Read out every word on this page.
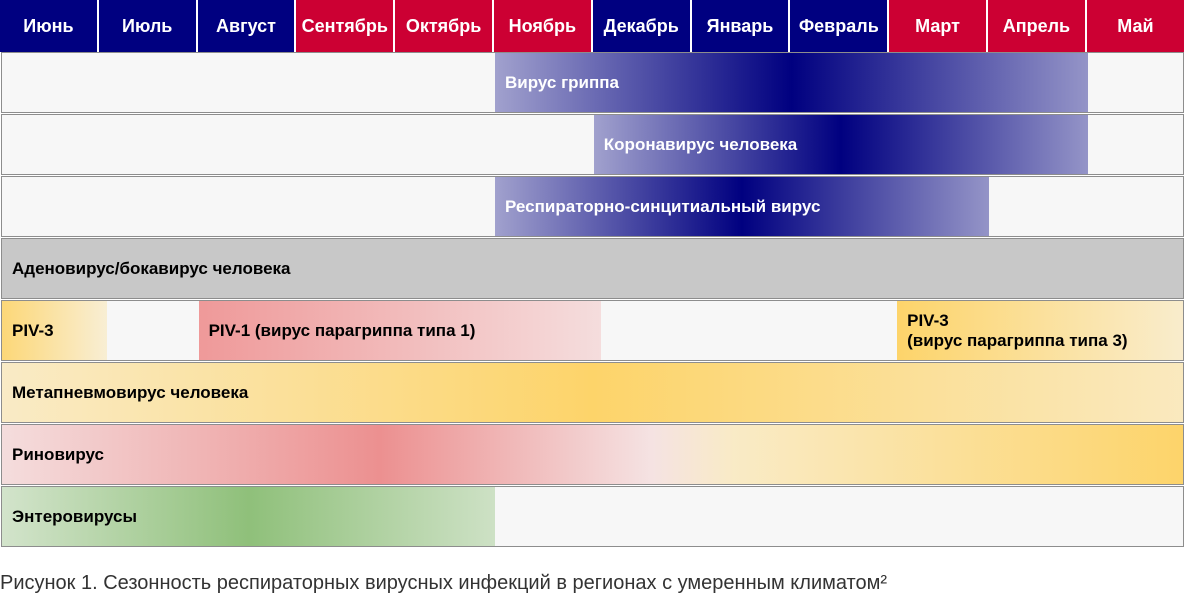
Июнь	Июль	Август	Сентябрь Октябрь	Ноябрь	Декабрь	Январь	Февраль	Март	Апрель	Май
Вирус гриппа
Коронавирус человека
Респираторно-синцитиальный вирус
Аденовирус/бокавирус человека
PIV-3	PIV-1 (вирус парагриппа типа 1)
PIV-3
(вирус парагриппа типа 3)
Метапневмовирус человека
Риновирус
Энтеровирусы
Рисунок 1. Сезонность респираторных вирусных инфекций в регионах с умеренным климатом²
